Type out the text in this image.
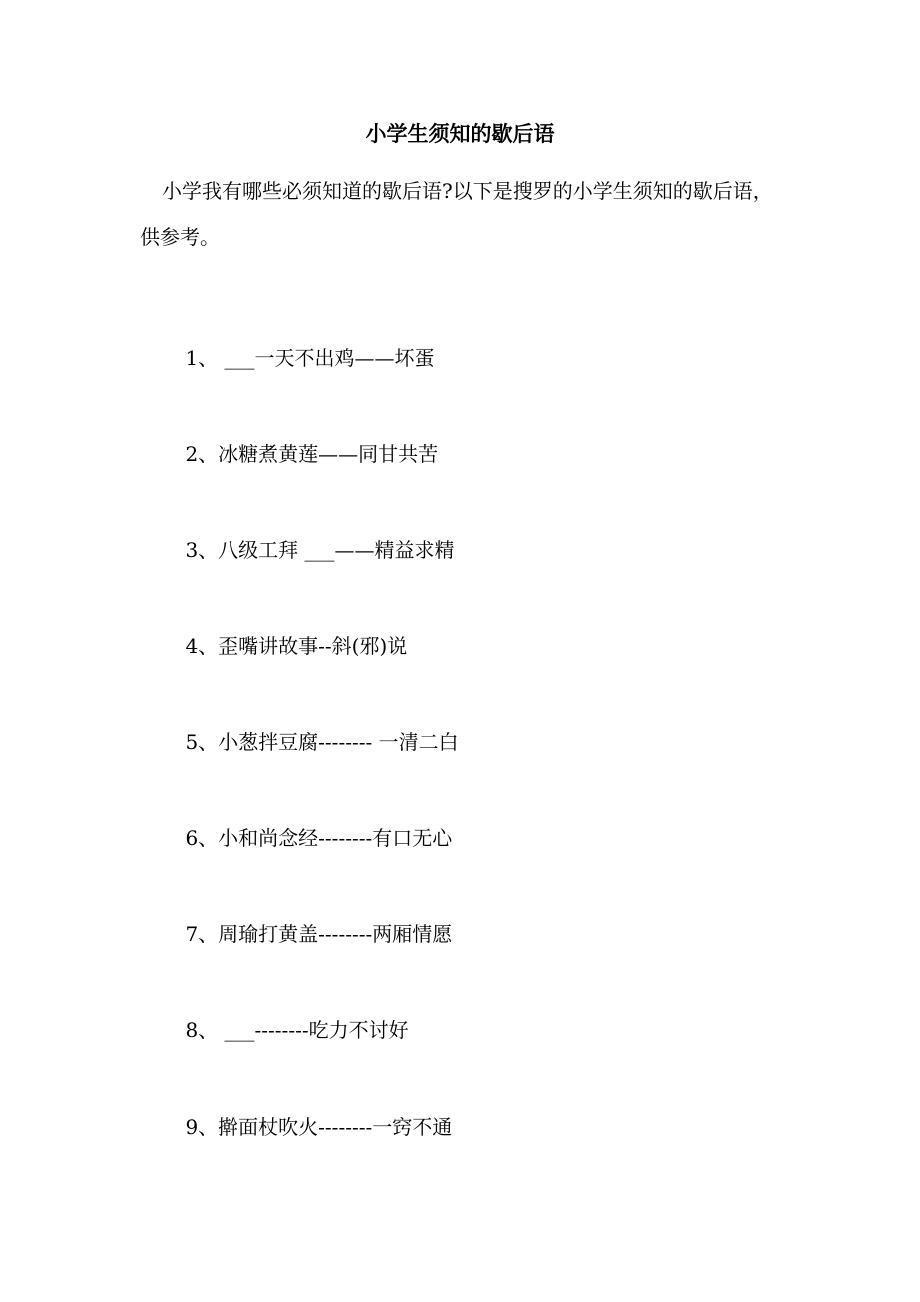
小学生须知的歇后语

小学我有哪些必须知道的歇后语?以下是搜罗的小学生须知的歇后语，供参考。

1、 ___一天不出鸡——坏蛋

2、冰糖煮黄莲——同甘共苦

3、八级工拜 ___——精益求精

4、歪嘴讲故事--斜(邪)说

5、小葱拌豆腐-------- 一清二白

6、小和尚念经--------有口无心

7、周瑜打黄盖--------两厢情愿

8、 ___--------吃力不讨好

9、擀面杖吹火--------一窍不通
